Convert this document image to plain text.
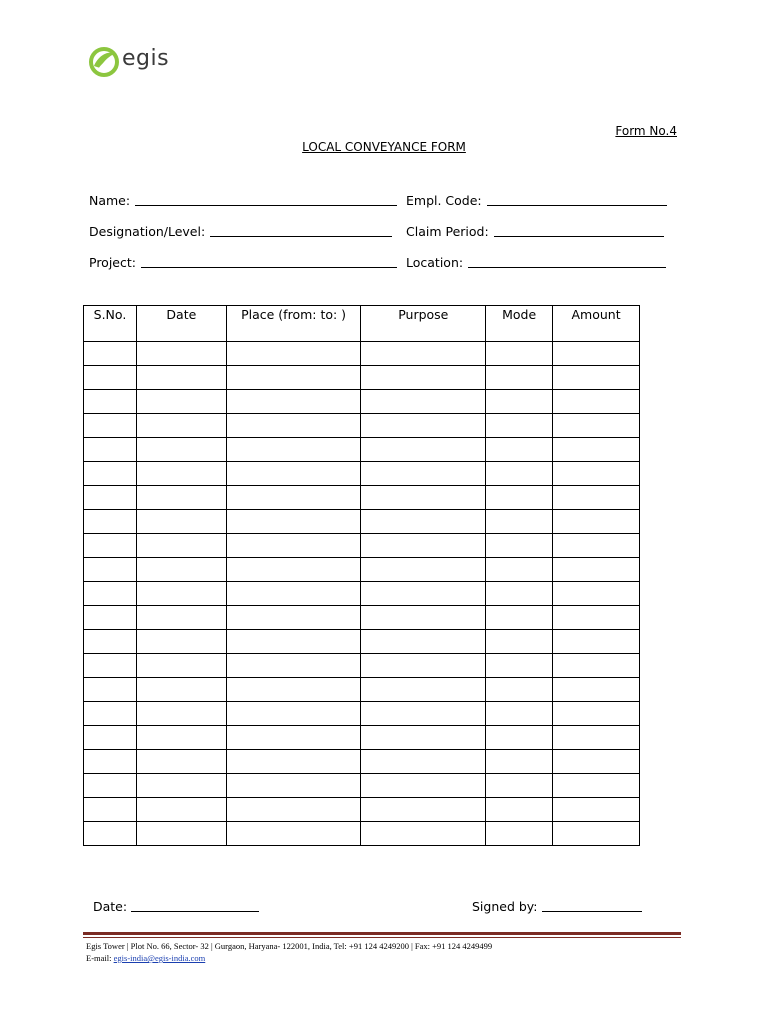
egis
Form No.4
LOCAL CONVEYANCE FORM
Name:	Empl. Code:
Designation/Level:	Claim Period:
Project:	Location:
S.No.	Date	Place (from: to: )	Purpose	Mode	Amount

Date:	Signed by:
Egis Tower | Plot No. 66, Sector- 32 | Gurgaon, Haryana- 122001, India, Tel: +91 124 4249200 | Fax: +91 124 4249499
E-mail: egis-india@egis-india.com
